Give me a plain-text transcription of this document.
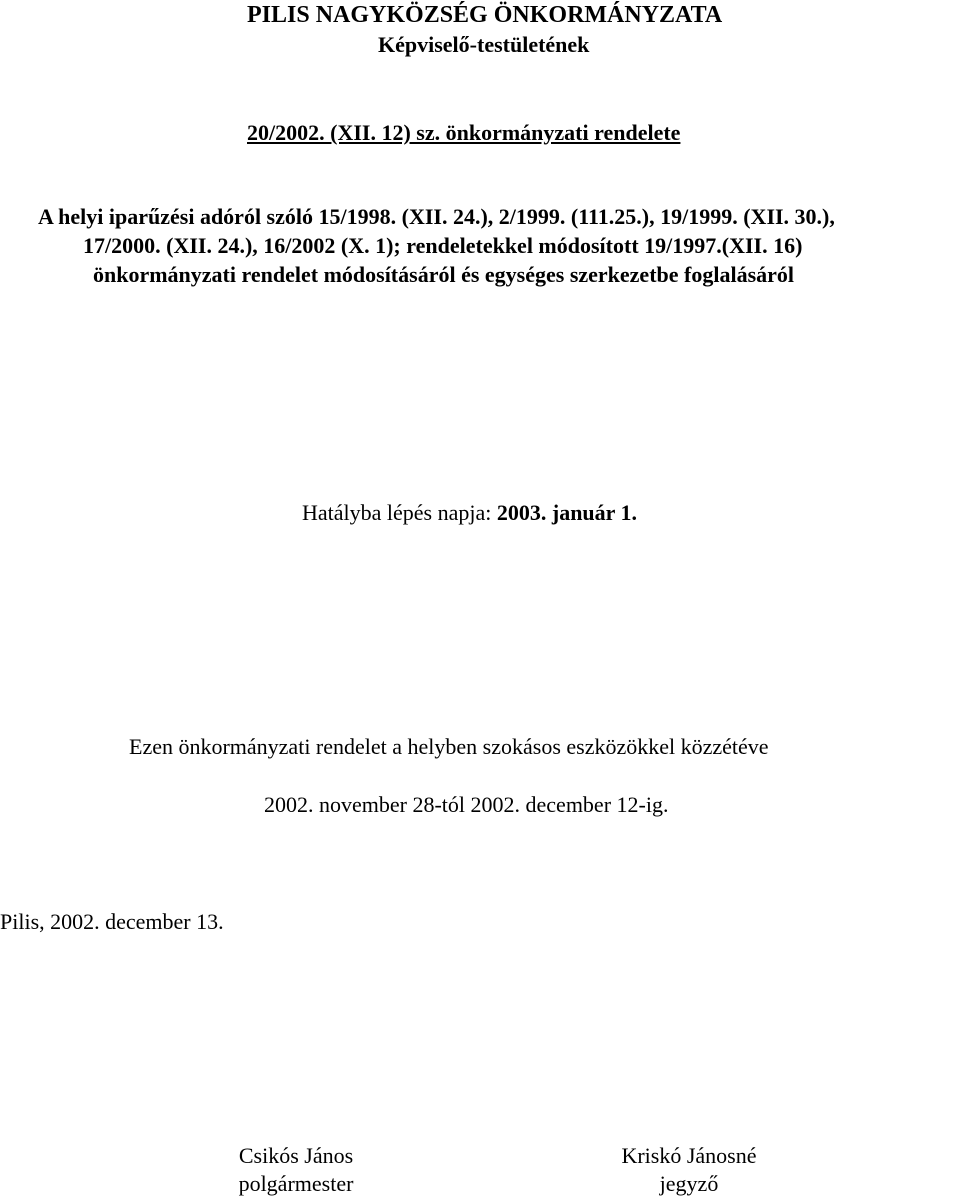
PILIS NAGYKÖZSÉG ÖNKORMÁNYZATA
Képviselő-testületének
20/2002. (XII. 12) sz. önkormányzati rendelete
A helyi iparűzési adóról szóló 15/1998. (XII. 24.), 2/1999. (111.25.), 19/1999. (XII. 30.),
17/2000. (XII. 24.), 16/2002 (X. 1); rendeletekkel módosított 19/1997.(XII. 16)
önkormányzati rendelet módosításáról és egységes szerkezetbe foglalásáról
Hatályba lépés napja: 2003. január 1.
Ezen önkormányzati rendelet a helyben szokásos eszközökkel közzétéve
2002. november 28-tól 2002. december 12-ig.
Pilis, 2002. december 13.
Csikós János
polgármester
Kriskó Jánosné
jegyző
